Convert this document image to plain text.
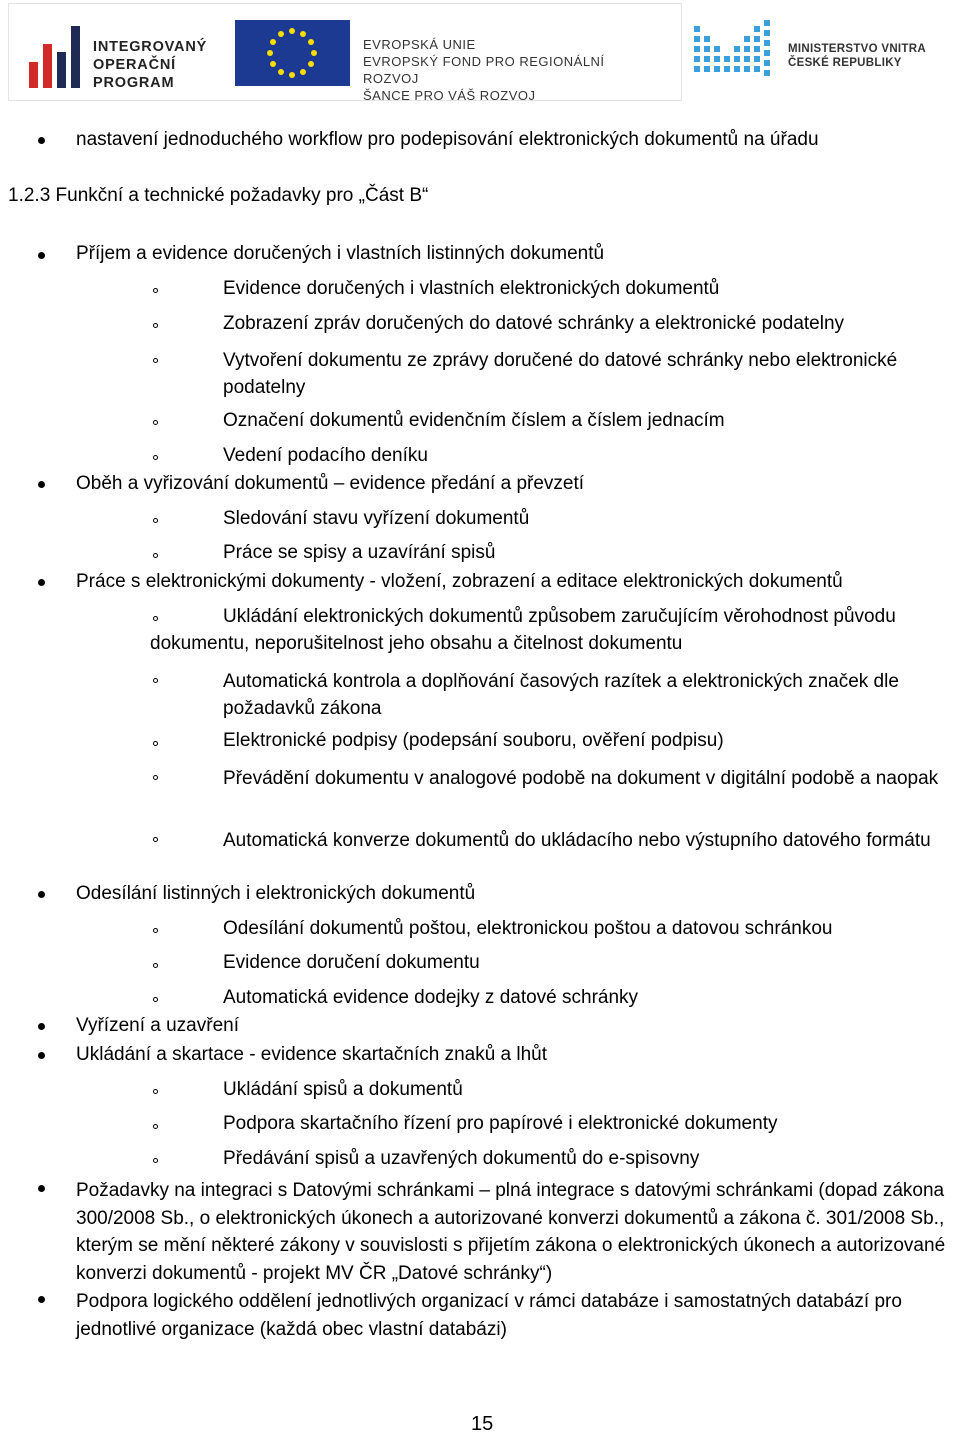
INTEGROVANÝ
OPERAČNÍ
PROGRAM
EVROPSKÁ UNIE
EVROPSKÝ FOND PRO REGIONÁLNÍ ROZVOJ
ŠANCE PRO VÁŠ ROZVOJ
MINISTERSTVO VNITRA
ČESKÉ REPUBLIKY
nastavení jednoduchého workflow pro podepisování elektronických dokumentů na úřadu
1.2.3 Funkční a technické požadavky pro „Část B“
Příjem a evidence doručených i vlastních listinných dokumentů
Evidence doručených i vlastních elektronických dokumentů
Zobrazení zpráv doručených do datové schránky a elektronické podatelny
Vytvoření dokumentu ze zprávy doručené do datové schránky nebo elektronické podatelny
Označení dokumentů evidenčním číslem a číslem jednacím
Vedení podacího deníku
Oběh a vyřizování dokumentů – evidence předání a převzetí
Sledování stavu vyřízení dokumentů
Práce se spisy a uzavírání spisů
Práce s elektronickými dokumenty - vložení, zobrazení a editace elektronických dokumentů
Ukládání elektronických dokumentů způsobem zaručujícím věrohodnost původu
dokumentu, neporušitelnost jeho obsahu a čitelnost dokumentu
Automatická kontrola a doplňování časových razítek a elektronických značek dle požadavků zákona
Elektronické podpisy (podepsání souboru, ověření podpisu)
Převádění dokumentu v analogové podobě na dokument v digitální podobě a naopak
Automatická konverze dokumentů do ukládacího nebo výstupního datového formátu
Odesílání listinných i elektronických dokumentů
Odesílání dokumentů poštou, elektronickou poštou a datovou schránkou
Evidence doručení dokumentu
Automatická evidence dodejky z datové schránky
Vyřízení a uzavření
Ukládání a skartace - evidence skartačních znaků a lhůt
Ukládání spisů a dokumentů
Podpora skartačního řízení pro papírové i elektronické dokumenty
Předávání spisů a uzavřených dokumentů do e-spisovny
Požadavky na integraci s Datovými schránkami – plná integrace s datovými schránkami (dopad zákona 300/2008 Sb., o elektronických úkonech a autorizované konverzi dokumentů a zákona č. 301/2008 Sb., kterým se mění některé zákony v souvislosti s přijetím zákona o elektronických úkonech a autorizované konverzi dokumentů - projekt MV ČR „Datové schránky“)
Podpora logického oddělení jednotlivých organizací v rámci databáze i samostatných databází pro jednotlivé organizace (každá obec vlastní databázi)
15
